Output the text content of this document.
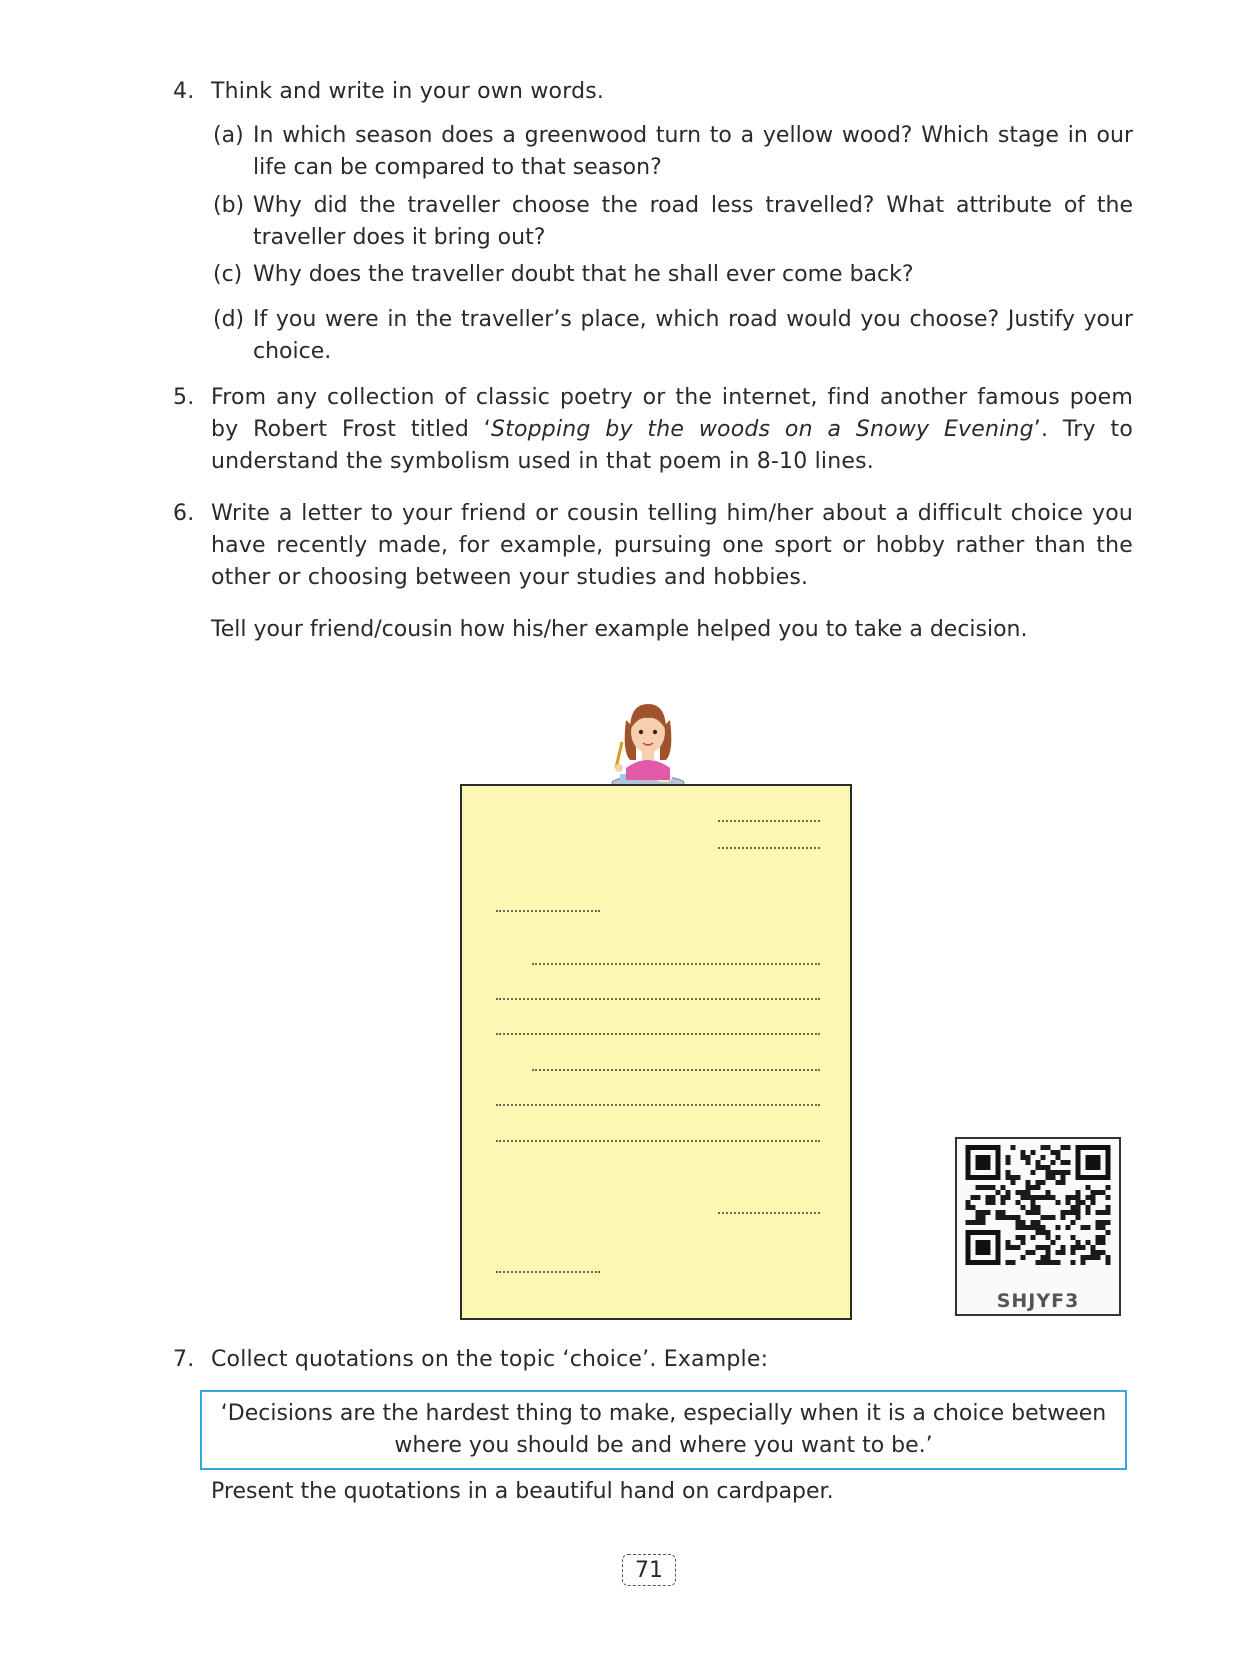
4. Think and write in your own words.
(a) In which season does a greenwood turn to a yellow wood? Which stage in our life can be compared to that season?
(b) Why did the traveller choose the road less travelled? What attribute of the traveller does it bring out?
(c) Why does the traveller doubt that he shall ever come back?
(d) If you were in the traveller’s place, which road would you choose? Justify your choice.
5. From any collection of classic poetry or the internet, find another famous poem by Robert Frost titled ‘Stopping by the woods on a Snowy Evening’. Try to understand the symbolism used in that poem in 8-10 lines.
6. Write a letter to your friend or cousin telling him/her about a difficult choice you have recently made, for example, pursuing one sport or hobby rather than the other or choosing between your studies and hobbies.
Tell your friend/cousin how his/her example helped you to take a decision.
SHJYF3
7. Collect quotations on the topic ‘choice’. Example:
‘Decisions are the hardest thing to make, especially when it is a choice between where you should be and where you want to be.’
Present the quotations in a beautiful hand on cardpaper.
71
